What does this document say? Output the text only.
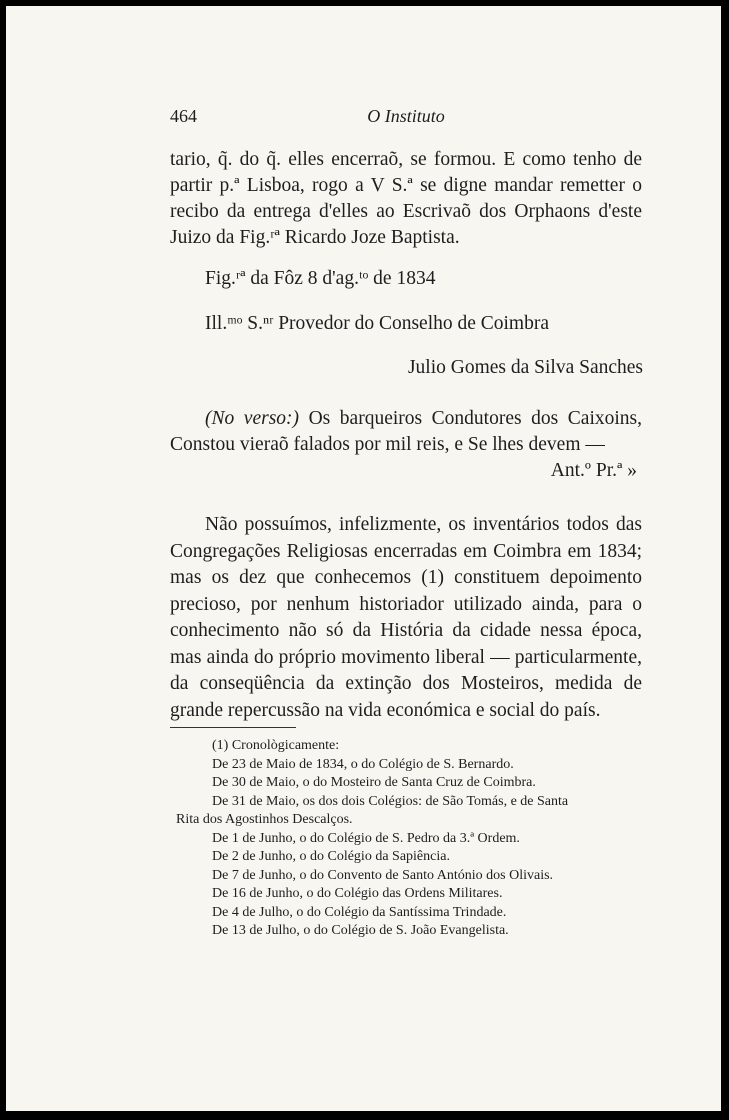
464	O Instituto

tario, q̃. do q̃. elles encerraõ, se formou. E como tenho de partir p.ª Lisboa, rogo a V S.ª se digne mandar remetter o recibo da entrega d'elles ao Escrivaõ dos Orphaons d'este Juizo da Fig.ʳª Ricardo Joze Baptista.

Fig.ʳª da Fôz 8 d'ag.ᵗᵒ de 1834
Ill.ᵐᵒ S.ⁿʳ Provedor do Conselho de Coimbra
Julio Gomes da Silva Sanches

(No verso:) Os barqueiros Condutores dos Caixoins, Constou vieraõ falados por mil reis, e Se lhes devem —

Ant.º Pr.ª »

Não possuímos, infelizmente, os inventários todos das Congregações Religiosas encerradas em Coimbra em 1834; mas os dez que conhecemos (1) constituem depoimento precioso, por nenhum historiador utilizado ainda, para o conhecimento não só da História da cidade nessa época, mas ainda do próprio movimento liberal — particularmente, da conseqüência da extinção dos Mosteiros, medida de grande repercussão na vida económica e social do país.

(1) Cronològicamente:

De 23 de Maio de 1834, o do Colégio de S. Bernardo.

De 30 de Maio, o do Mosteiro de Santa Cruz de Coimbra.

De 31 de Maio, os dos dois Colégios: de São Tomás, e de Santa

Rita dos Agostinhos Descalços.

De 1 de Junho, o do Colégio de S. Pedro da 3.ª Ordem.

De 2 de Junho, o do Colégio da Sapiência.

De 7 de Junho, o do Convento de Santo António dos Olivais.

De 16 de Junho, o do Colégio das Ordens Militares.

De 4 de Julho, o do Colégio da Santíssima Trindade.

De 13 de Julho, o do Colégio de S. João Evangelista.
